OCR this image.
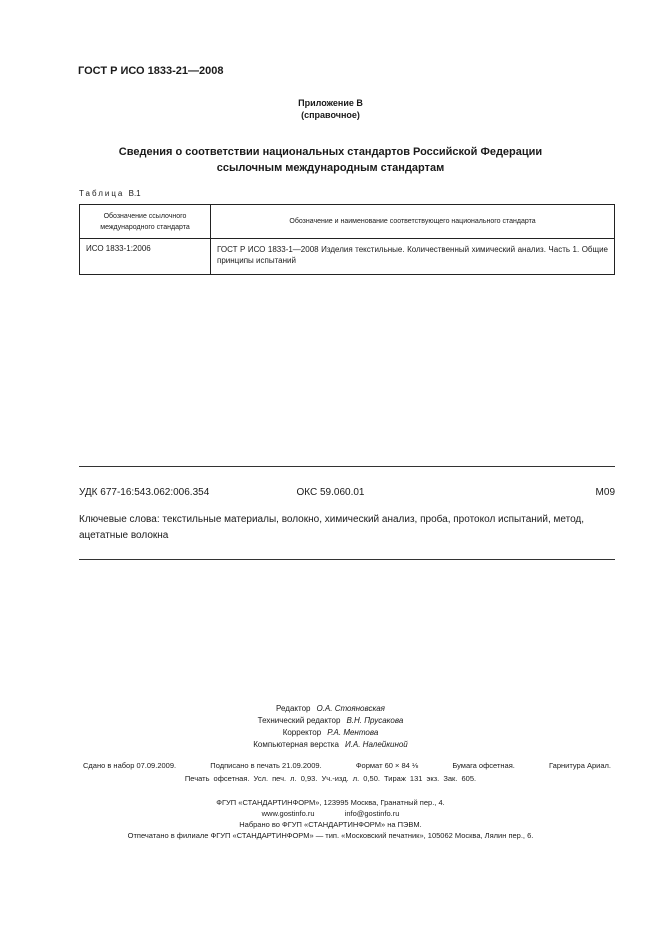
ГОСТ Р ИСО 1833-21—2008
Приложение В
(справочное)
Сведения о соответствии национальных стандартов Российской Федерации
ссылочным международным стандартам
Таблица В.1
Обозначение ссылочного международного стандарта	Обозначение и наименование соответствующего национального стандарта
ИСО 1833-1:2006	ГОСТ Р ИСО 1833-1—2008 Изделия текстильные. Количественный химический анализ. Часть 1. Общие принципы испытаний
УДК 677-16:543.062:006.354	ОКС 59.060.01	М09
Ключевые слова: текстильные материалы, волокно, химический анализ, проба, протокол испытаний, метод, ацетатные волокна
Редактор О.А. Стояновская
Технический редактор В.Н. Прусакова
Корректор Р.А. Ментова
Компьютерная верстка И.А. Налейкиной
Сдано в набор 07.09.2009.	Подписано в печать 21.09.2009.	Формат 60 × 84 ⅛	Бумага офсетная.	Гарнитура Ариал.
Печать офсетная. Усл. печ. л. 0,93. Уч.-изд. л. 0,50. Тираж 131 экз. Зак. 605.
ФГУП «СТАНДАРТИНФОРМ», 123995 Москва, Гранатный пер., 4.
www.gostinfo.ru	info@gostinfo.ru
Набрано во ФГУП «СТАНДАРТИНФОРМ» на ПЭВМ.
Отпечатано в филиале ФГУП «СТАНДАРТИНФОРМ» — тип. «Московский печатник», 105062 Москва, Лялин пер., 6.
